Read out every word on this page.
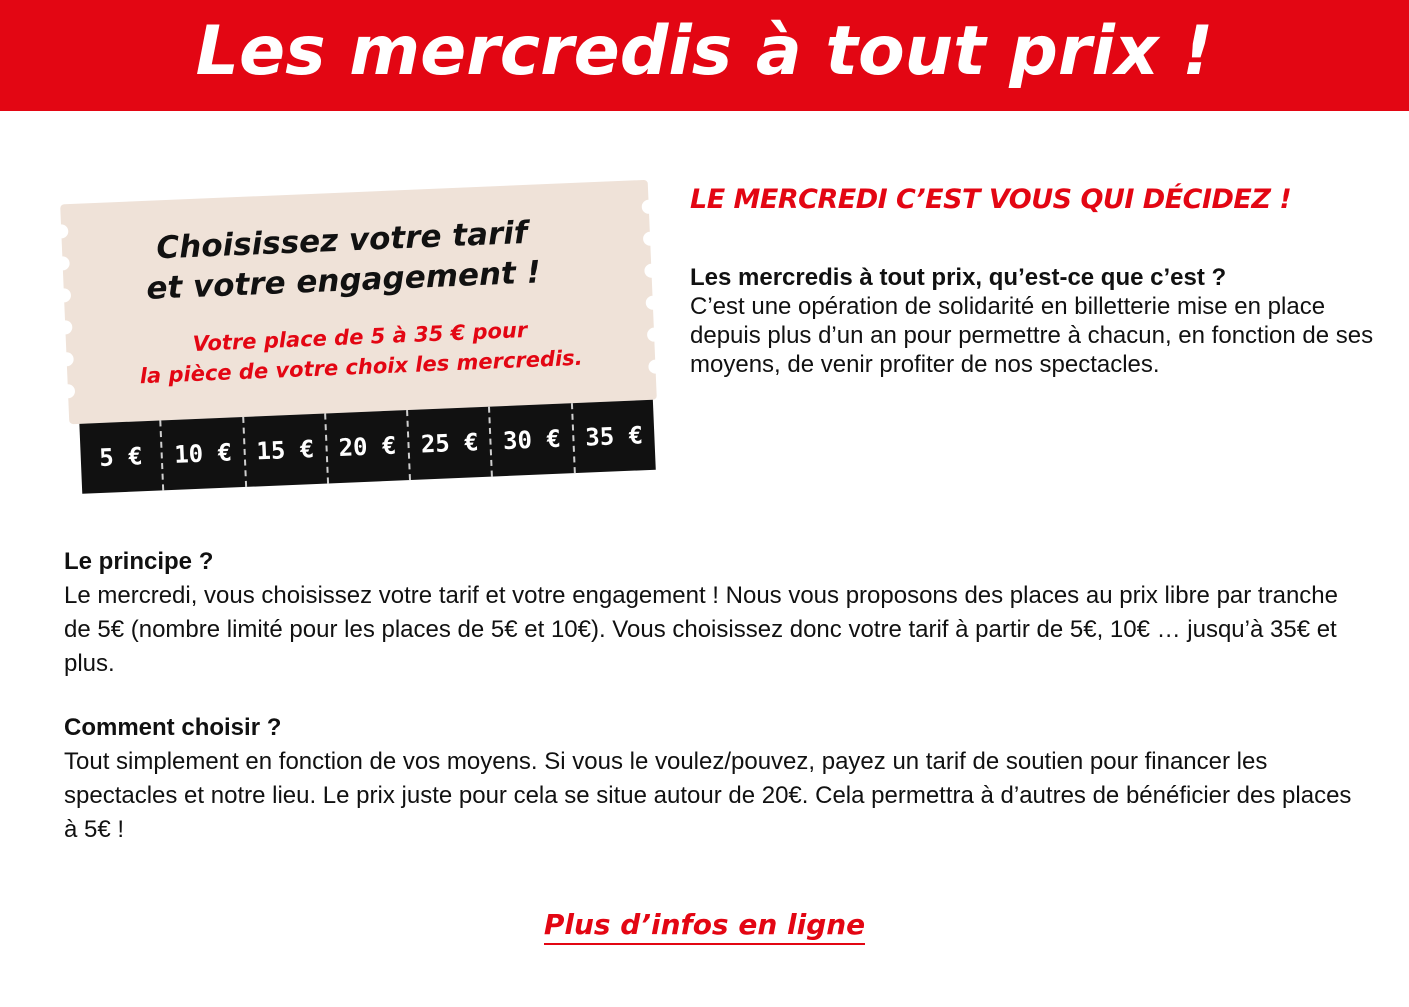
Les mercredis à tout prix !
Choisissez votre tarif
et votre engagement !
Votre place de 5 à 35 € pour
la pièce de votre choix les mercredis.
5 €	10 € 15 € 20 € 25 € 30 € 35 €
LE MERCREDI C’EST VOUS QUI DÉCIDEZ !
Les mercredis à tout prix, qu’est-ce que c’est ?
C’est une opération de solidarité en billetterie mise en place depuis plus d’un an pour permettre à chacun, en fonction de ses moyens, de venir profiter de nos spectacles.
Le principe ?
Le mercredi, vous choisissez votre tarif et votre engagement ! Nous vous proposons des places au prix libre par tranche de 5€ (nombre limité pour les places de 5€ et 10€). Vous choisissez donc votre tarif à partir de 5€, 10€ … jusqu’à 35€ et plus.
Comment choisir ?
Tout simplement en fonction de vos moyens. Si vous le voulez/pouvez, payez un tarif de soutien pour financer les spectacles et notre lieu. Le prix juste pour cela se situe autour de 20€. Cela permettra à d’autres de bénéficier des places à 5€ !
Plus d’infos en ligne
